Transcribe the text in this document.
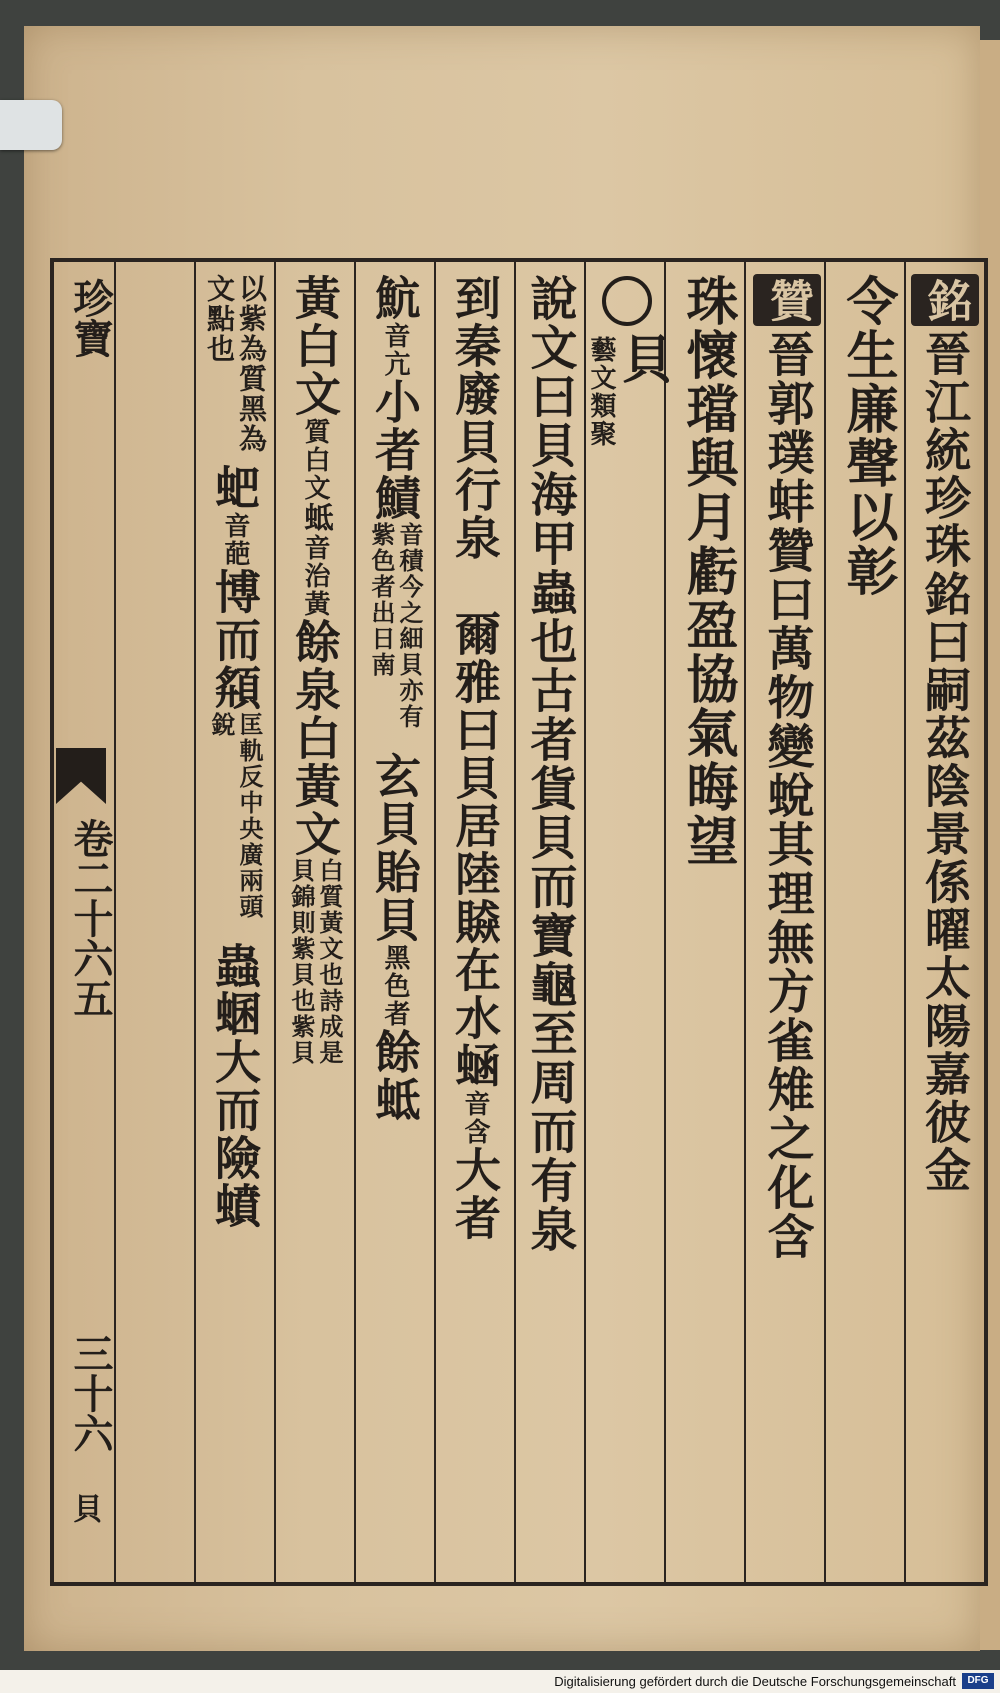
銘
晉江統珍珠銘曰嗣茲陰景係曜太陽嘉彼金
令生廉聲以彰
贊
晉郭璞蚌贊曰萬物變蛻其理無方雀雉之化含
珠懷璫與月虧盈協氣晦望
貝
藝文類聚
說文曰貝海甲蟲也古者貨貝而寶龜至周而有泉
到秦廢貝行泉　爾雅曰貝居陸贆在水蜬
音含
大者
魧
音亢
小者鰿
音積今之細貝亦有紫色者出日南
玄貝貽貝
黑色者
餘蚳
黃白文
質白文
蚳
音治黃
餘泉白黃文
白質黃文也詩成是貝錦則紫貝也紫貝
以紫為質黑為文點也
蚆
音葩
博而頯
匡軌反中央廣兩頭銳
蟲蜠大而險蟦
珍寶
卷二十六五
三十六
貝
Digitalisierung gefördert durch die Deutsche Forschungsgemeinschaft	DFG
